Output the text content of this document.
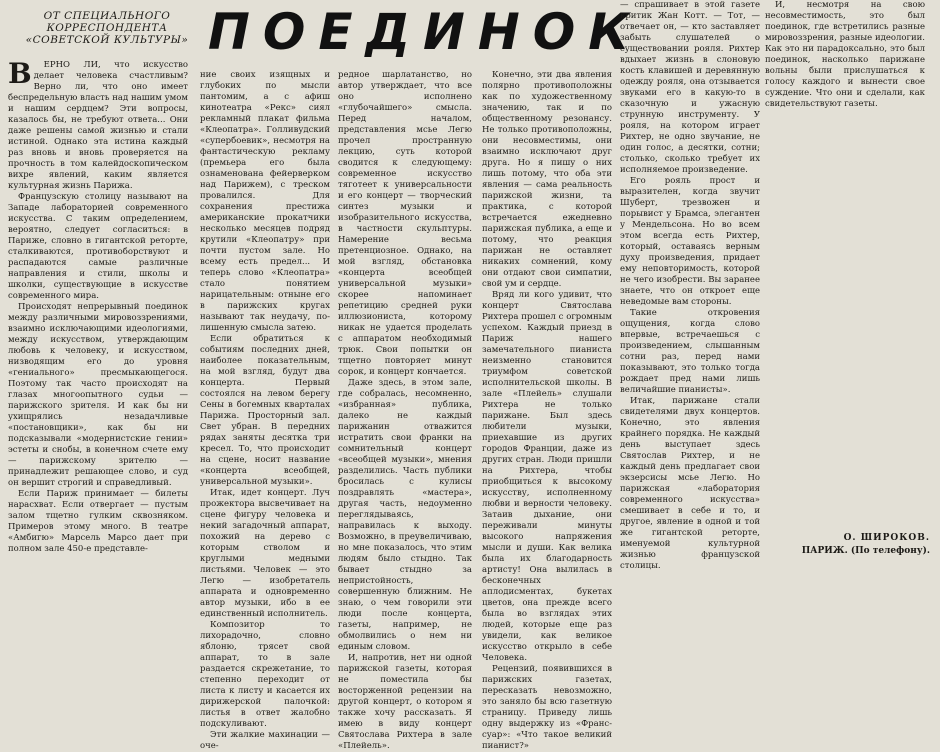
ОТ СПЕЦИАЛЬНОГО
КОРРЕСПОНДЕНТА
«СОВЕТСКОЙ КУЛЬТУРЫ» ПОЕДИНОК

В ЕРНО ЛИ, что искусство делает человека счастливым? Верно ли, что оно имеет беспредельную власть над нашим умом и нашим сердцем? Эти вопросы, казалось бы, не требуют ответа... Они даже решены самой жизнью и стали истиной. Однако эта истина каждый раз вновь и вновь проверяется на прочность в том калейдоскопическом вихре явлений, каким является культурная жизнь Парижа.

Французскую столицу называют на Западе лабораторией современного искусства. С таким определением, вероятно, следует согласиться: в Париже, словно в гигантской реторте, сталкиваются, противоборствуют и распадаются самые различные направления и стили, школы и школки, существующие в искусстве современного мира.

Происходят непрерывный поединок между различными мировоззрениями, взаимно исключающими идеологиями, между искусством, утверждающим любовь к человеку, и искусством, низводящим его до уровня «гениального» пресмыкающегося. Поэтому так часто происходят на глазах многоопытного судьи — парижского зрителя. И как бы ни ухищрялись незадачливые «постановщики», как бы ни подсказывали «модернистские гении» эстеты и снобы, в конечном счете ему — парижскому зрителю — принадлежит решающее слово, и суд он вершит строгий и справедливый.

Если Париж принимает — билеты нарасхват. Если отвергает — пустым залом тщетно гулким сквозняком. Примеров этому много. В театре «Амбигю» Марсель Марсо дает при полном зале 450-е представле-

ние своих изящных и глубоких по мысли пантомим, а с афиш кинотеатра «Рекс» сиял рекламный плакат фильма «Клеопатра». Голливудский «супербоевик», несмотря на фантастическую рекламу (премьера его была ознаменована фейерверком над Парижем), с треском провалился. Для сохранения престижа американские прокатчики несколько месяцев подряд крутили «Клеопатру» при почти пустом зале. Но всему есть предел... И теперь слово «Клеопатра» стало понятием нарицательным: отныне его в парижских кругах называют так неудачу, по-лишенную смысла затею.

Если обратиться к событиям последних дней, наиболее показательным, на мой взгляд, будут два концерта. Первый состоялся на левом берегу Сены в богемных кварталах Парижа. Просторный зал. Свет убран. В передних рядах заняты десятка три кресел. То, что происходит на сцене, носит название «концерта всеобщей, универсальной музыки».

Итак, идет концерт. Луч прожектора высвечивает на сцене фигуру человека и некий загадочный аппарат, похожий на дерево с которым стволом и круглыми медными листьями. Человек — это Легю — изобретатель аппарата и одновременно автор музыки, ибо в ее единственный исполнитель.

Композитор то лихорадочно, словно яблоню, трясет свой аппарат, то в зале раздается скрежетание, то степенно переходит от листа к листу и касается их дирижерской палочкой: листья в ответ жалобно подскуливают.

Эти жалкие махинации — оче-

редное шарлатанство, но автор утверждает, что все оно исполнено «глубочайшего» смысла. Перед началом, представления мсье Легю прочел пространную лекцию, суть которой сводится к следующему: современное искусство тяготеет к универсальности и его концерт — творческий синтез музыки и изобразительного искусства, в частности скульптуры. Намерение весьма претенциозное. Однако, на мой взгляд, обстановка «концерта всеобщей универсальной музыки» скорее напоминает репетицию средней руки иллюзиониста, которому никак не удается проделать с аппаратом необходимый трюк. Свои попытки он тщетно повторяет минут сорок, и концерт кончается.

Даже здесь, в этом зале, где собралась, несомненно, «избранная» публика, далеко не каждый парижанин отважится истратить свои франки на сомнительный концерт «всеобщей музыки», мнения разделились. Часть публики бросилась с кулисы поздравлять «мастера», другая часть, недоуменно переглядываясь, направилась к выходу. Возможно, в преувеличиваю, но мне показалось, что этим людям было стыдно. Так бывает стыдно за непристойность, совершенную ближним. Не знаю, о чем говорили эти люди после концерта, газеты, например, не обмолвились о нем ни единым словом.

И, напротив, нет ни одной парижской газеты, которая не поместила бы восторженной рецензии на другой концерт, о котором я также хочу рассказать. Я имею в виду концерт Святослава Рихтера в зале «Плейель».

Конечно, эти два явления полярно противоположны как по художественному значению, так и по общественному резонансу. Не только противоположны, они несовместимы, они взаимно исключают друг друга. Но я пишу о них лишь потому, что оба эти явления — сама реальность парижской жизни, та практика, с которой встречается ежедневно парижская публика, а еще и потому, что реакция парижан не оставляет никаких сомнений, кому они отдают свои симпатии, свой ум и сердце.

Вряд ли кого удивит, что концерт Святослава Рихтера прошел с огромным успехом. Каждый приезд в Париж нашего замечательного пианиста неизменно становится триумфом советской исполнительской школы. В зале «Плейель» слушали Рихтера не только парижане. Был здесь любители музыки, приехавшие из других городов Франции, даже из других стран. Люди пришли на Рихтера, чтобы приобщиться к высокому искусству, исполненному любви и верности человеку. Затаив дыхание, они переживали минуты высокого напряжения мысли и души. Как велика была их благодарность артисту! Она вылилась в бесконечных аплодисментах, букетах цветов, она прежде всего была во взглядах этих людей, которые еще раз увидели, как великое искусство открыло в себе Человека.

Рецензий, появившихся в парижских газетах, пересказать невозможно, это заняло бы всю газетную страницу. Приведу лишь одну выдержку из «Франс-суар»: «Что такое великий пианист?»

— спрашивает в этой газете критик Жан Котт. — Тот, — отвечает он, — кто заставляет забыть слушателей о существовании рояля. Рихтер вдыхает жизнь в слоновую кость клавишей и деревянную одежду рояля, она отзывается звуками его в какую-то в сказочную и ужасную струнную инструменту. У рояля, на котором играет Рихтер, не одно звучание, не один голос, а десятки, сотни; столько, сколько требует их исполняемое произведение.

Его рояль прост и выразителен, когда звучит Шуберт, трезвожен и порывист у Брамса, элегантен у Мендельсона. Но во всем этом всегда есть Рихтер, который, оставаясь верным духу произведения, придает ему неповторимость, которой не чего изобрести. Вы заранее знаете, что он откроет еще неведомые вам стороны.

Такие откровения ощущения, когда слово впервые, встречаешься с произведением, слышанным сотни раз, перед нами показывают, это только тогда рождает пред нами лишь величайшие пианисты».

Итак, парижане стали свидетелями двух концертов. Конечно, это явления крайнего порядка. Не каждый день выступает здесь Святослав Рихтер, и не каждый день предлагает свои экзерсисы мсье Легю. Но парижская «лаборатория современного искусства» смешивает в себе и то, и другое, явление в одной и той же гигантской реторте, именуемой культурной жизнью французской столицы.

И, несмотря на свою несовместимость, это был поединок, где встретились разные мировоззрения, разные идеологии. Как это ни парадоксально, это был поединок, насколько парижане вольны были прислушаться к голосу каждого и вынести свое суждение. Что они и сделали, как свидетельствуют газеты.

О. ШИРОКОВ.
ПАРИЖ. (По телефону).
